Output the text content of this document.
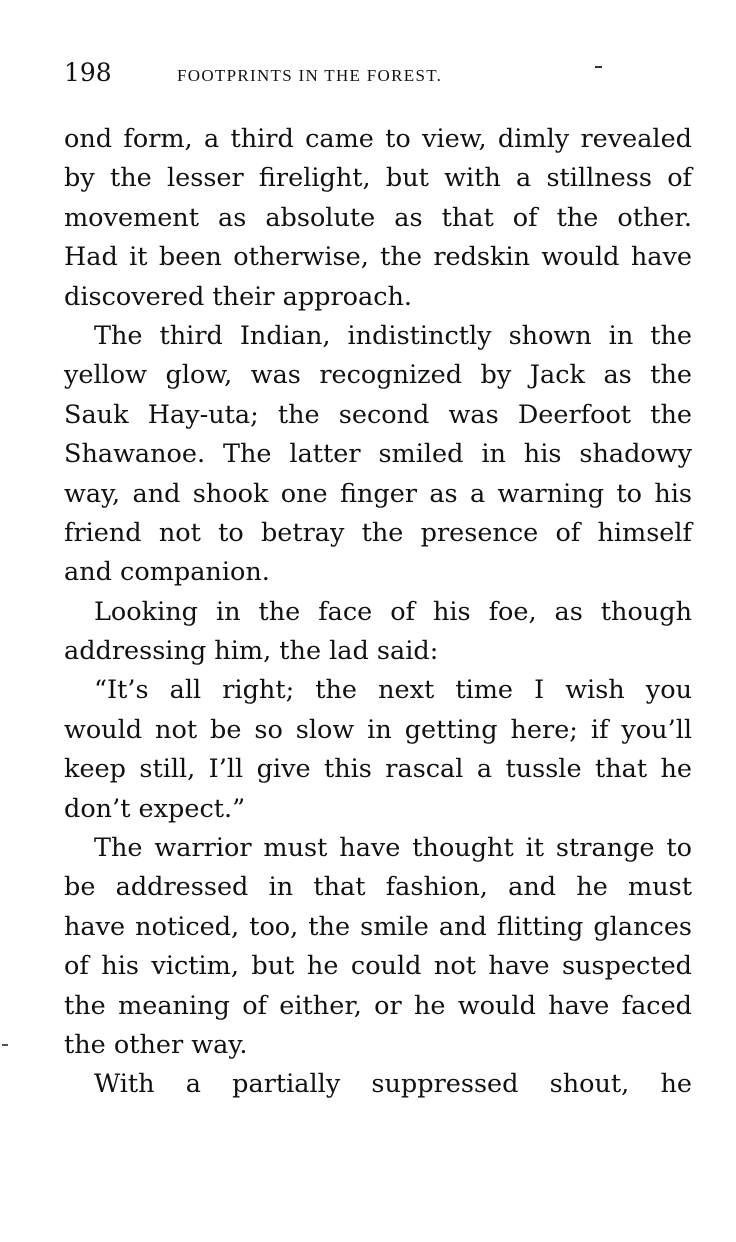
198	FOOTPRINTS IN THE FOREST.
ond form, a third came to view, dimly revealed
by the lesser firelight, but with a stillness of
movement as absolute as that of the other.
Had it been otherwise, the redskin would have
discovered their approach.
The third Indian, indistinctly shown in the
yellow glow, was recognized by Jack as the
Sauk Hay-uta; the second was Deerfoot the
Shawanoe. The latter smiled in his shadowy
way, and shook one finger as a warning to his
friend not to betray the presence of himself
and companion.
Looking in the face of his foe, as though
addressing him, the lad said:
“It’s all right; the next time I wish you
would not be so slow in getting here; if you’ll
keep still, I’ll give this rascal a tussle that he
don’t expect.”
The warrior must have thought it strange to
be addressed in that fashion, and he must
have noticed, too, the smile and flitting glances
of his victim, but he could not have suspected
the meaning of either, or he would have faced
the other way.
With a partially suppressed shout, he
